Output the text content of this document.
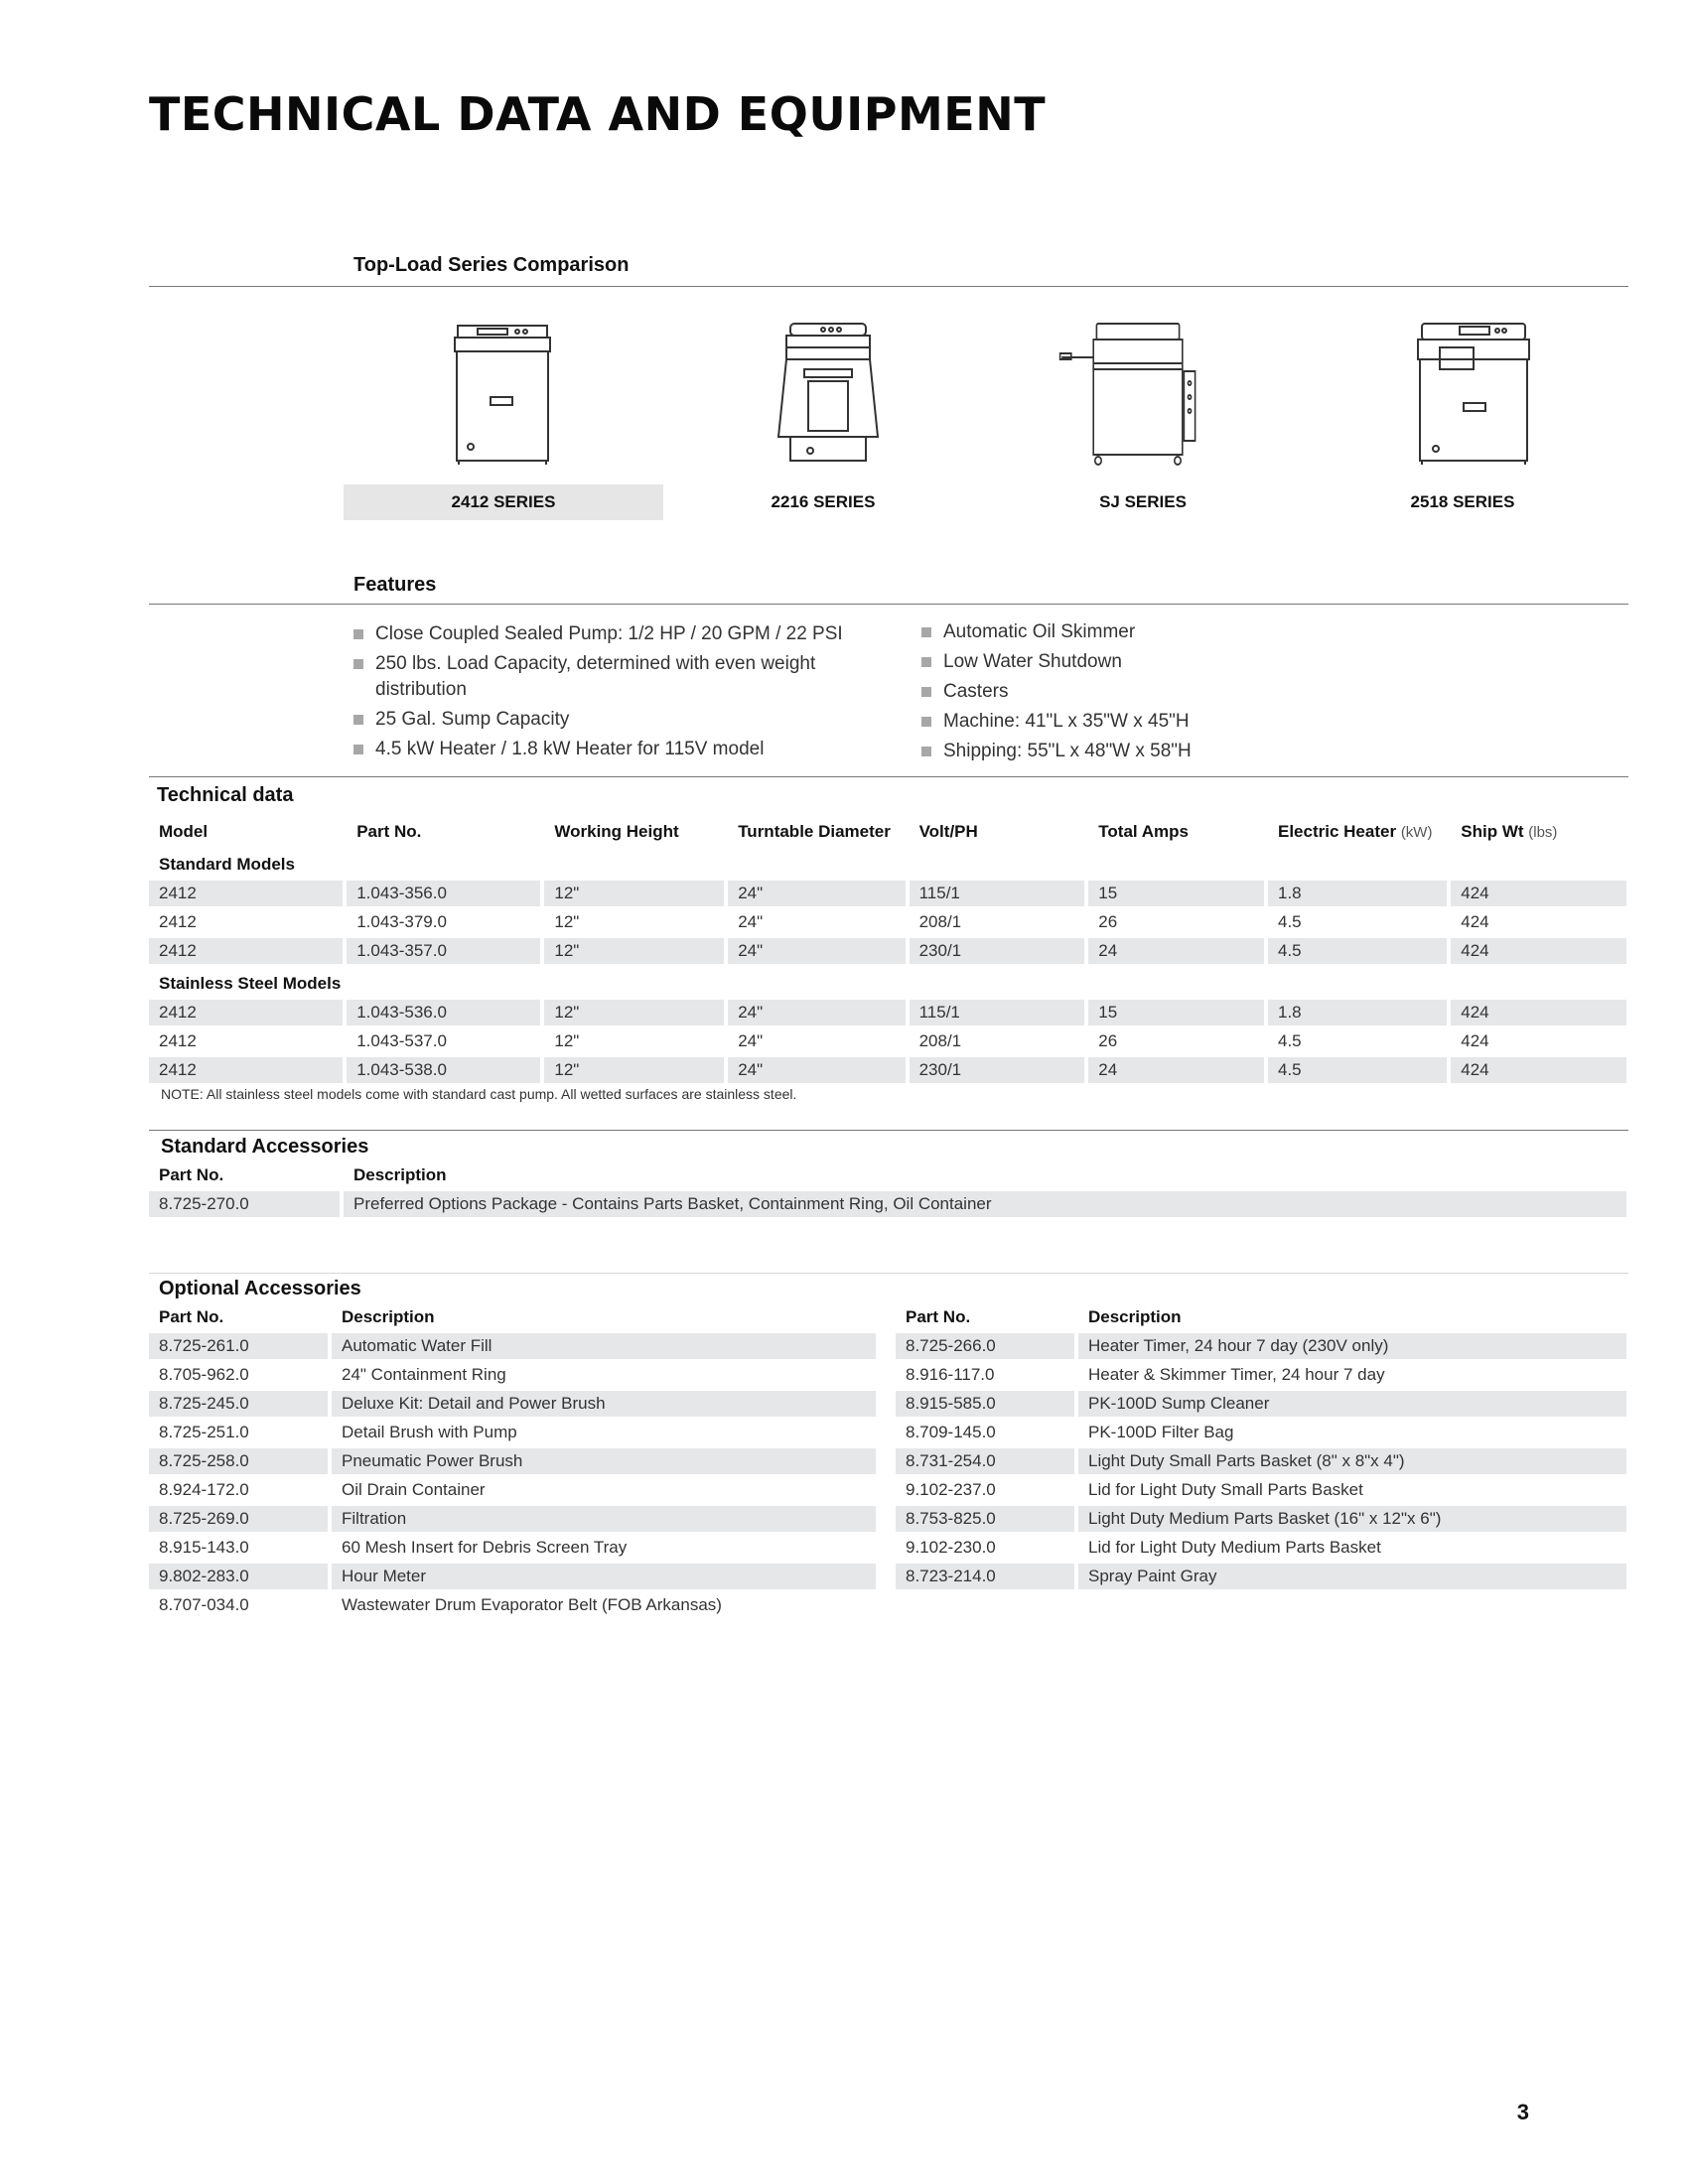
TECHNICAL DATA AND EQUIPMENT
Top-Load Series Comparison
2412 SERIES	2216 SERIES	SJ SERIES	2518 SERIES
Features
Close Coupled Sealed Pump: 1/2 HP / 20 GPM / 22 PSI
250 lbs. Load Capacity, determined with even weight distribution
25 Gal. Sump Capacity
4.5 kW Heater / 1.8 kW Heater for 115V model
Automatic Oil Skimmer
Low Water Shutdown
Casters
Machine: 41"L x 35"W x 45"H
Shipping: 55"L x 48"W x 58"H
Technical data
Model	Part No.	Working Height	Turntable Diameter	Volt/PH	Total Amps	Electric Heater (kW)	Ship Wt (lbs)
Standard Models							
2412	1.043-356.0	12"	24"	115/1	15	1.8	424
2412	1.043-379.0	12"	24"	208/1	26	4.5	424
2412	1.043-357.0	12"	24"	230/1	24	4.5	424
Stainless Steel Models							
2412	1.043-536.0	12"	24"	115/1	15	1.8	424
2412	1.043-537.0	12"	24"	208/1	26	4.5	424
2412	1.043-538.0	12"	24"	230/1	24	4.5	424
NOTE: All stainless steel models come with standard cast pump. All wetted surfaces are stainless steel.
Standard Accessories
Part No.	Description
8.725-270.0	Preferred Options Package - Contains Parts Basket, Containment Ring, Oil Container
Optional Accessories
Part No.	Description
8.725-261.0	Automatic Water Fill
8.705-962.0	24" Containment Ring
8.725-245.0	Deluxe Kit: Detail and Power Brush
8.725-251.0	Detail Brush with Pump
8.725-258.0	Pneumatic Power Brush
8.924-172.0	Oil Drain Container
8.725-269.0	Filtration
8.915-143.0	60 Mesh Insert for Debris Screen Tray
9.802-283.0	Hour Meter
8.707-034.0	Wastewater Drum Evaporator Belt (FOB Arkansas)
Part No.	Description
8.725-266.0	Heater Timer, 24 hour 7 day (230V only)
8.916-117.0	Heater & Skimmer Timer, 24 hour 7 day
8.915-585.0	PK-100D Sump Cleaner
8.709-145.0	PK-100D Filter Bag
8.731-254.0	Light Duty Small Parts Basket (8" x 8"x 4")
9.102-237.0	Lid for Light Duty Small Parts Basket
8.753-825.0	Light Duty Medium Parts Basket (16" x 12"x 6")
9.102-230.0	Lid for Light Duty Medium Parts Basket
8.723-214.0	Spray Paint Gray
3
